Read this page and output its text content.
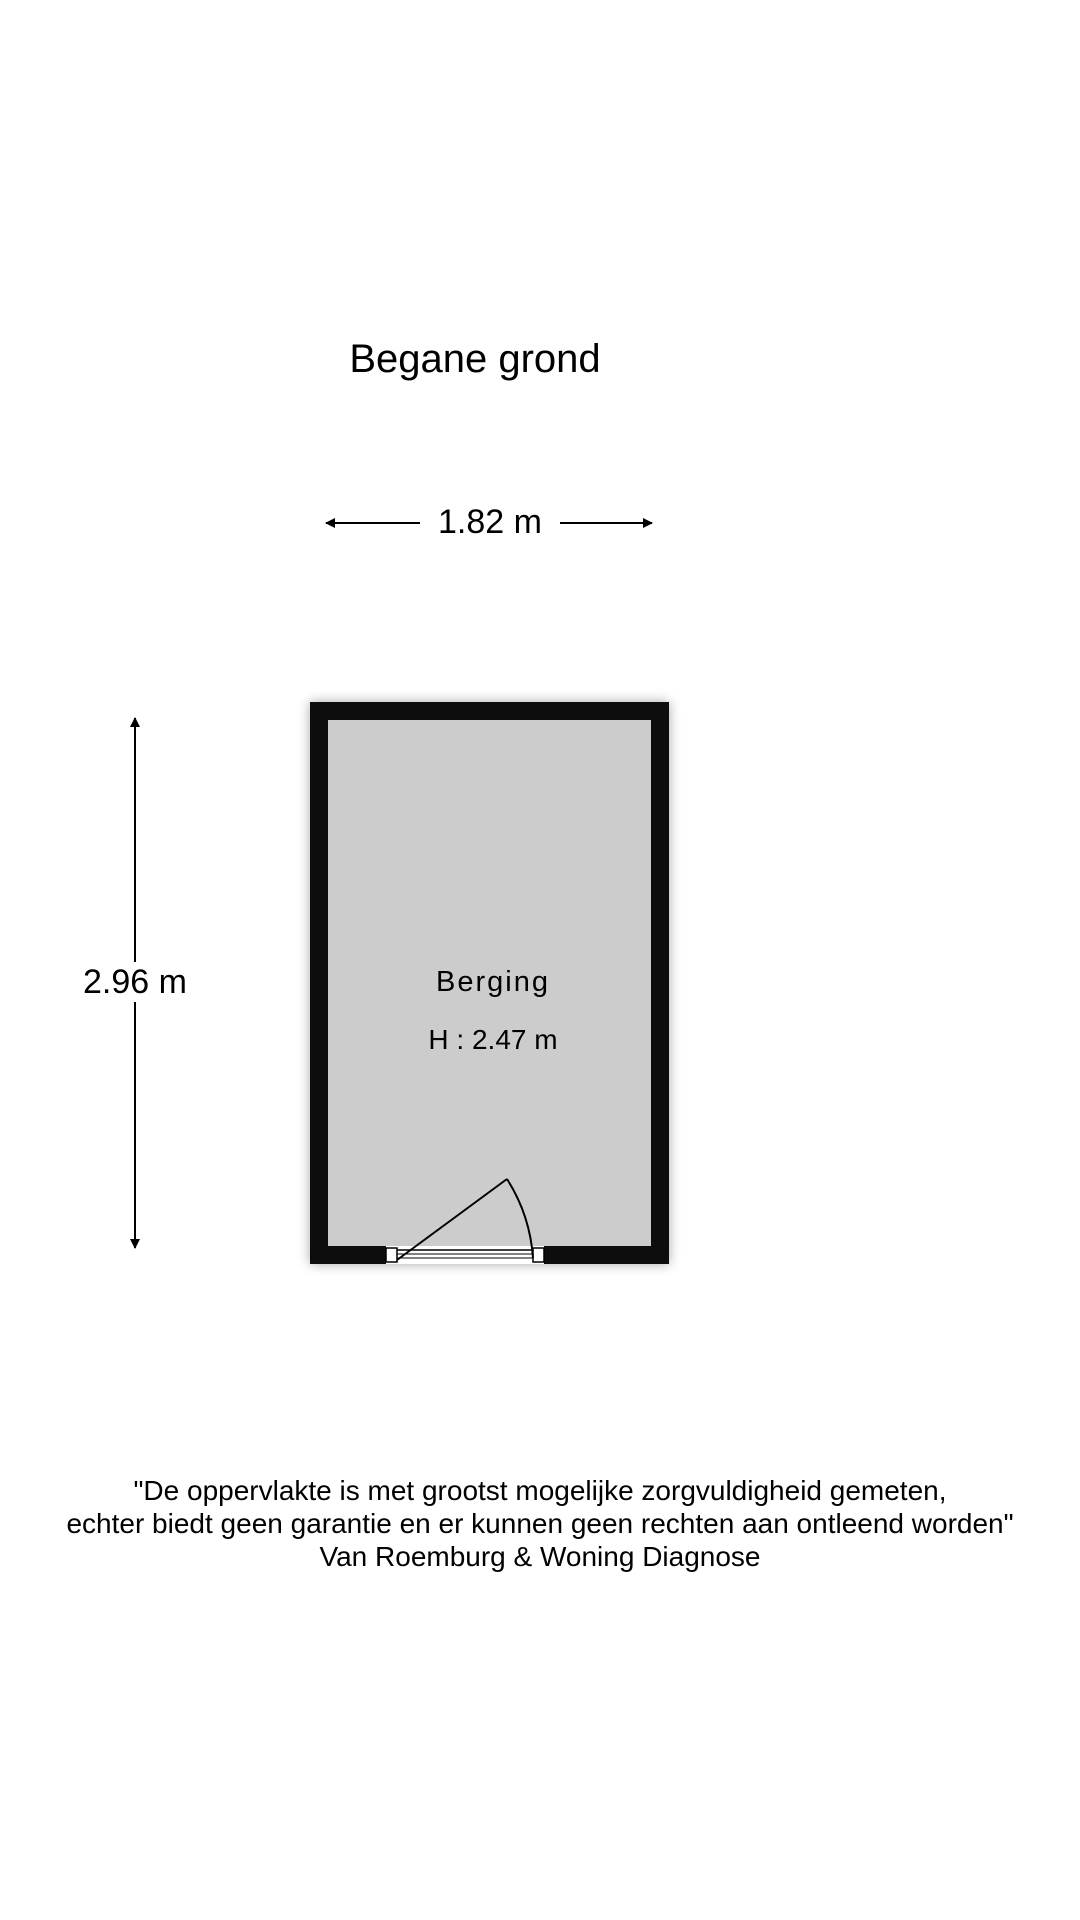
Begane grond
1.82 m
2.96 m	Berging
H : 2.47 m
"De oppervlakte is met grootst mogelijke zorgvuldigheid gemeten,
echter biedt geen garantie en er kunnen geen rechten aan ontleend worden"
Van Roemburg & Woning Diagnose
